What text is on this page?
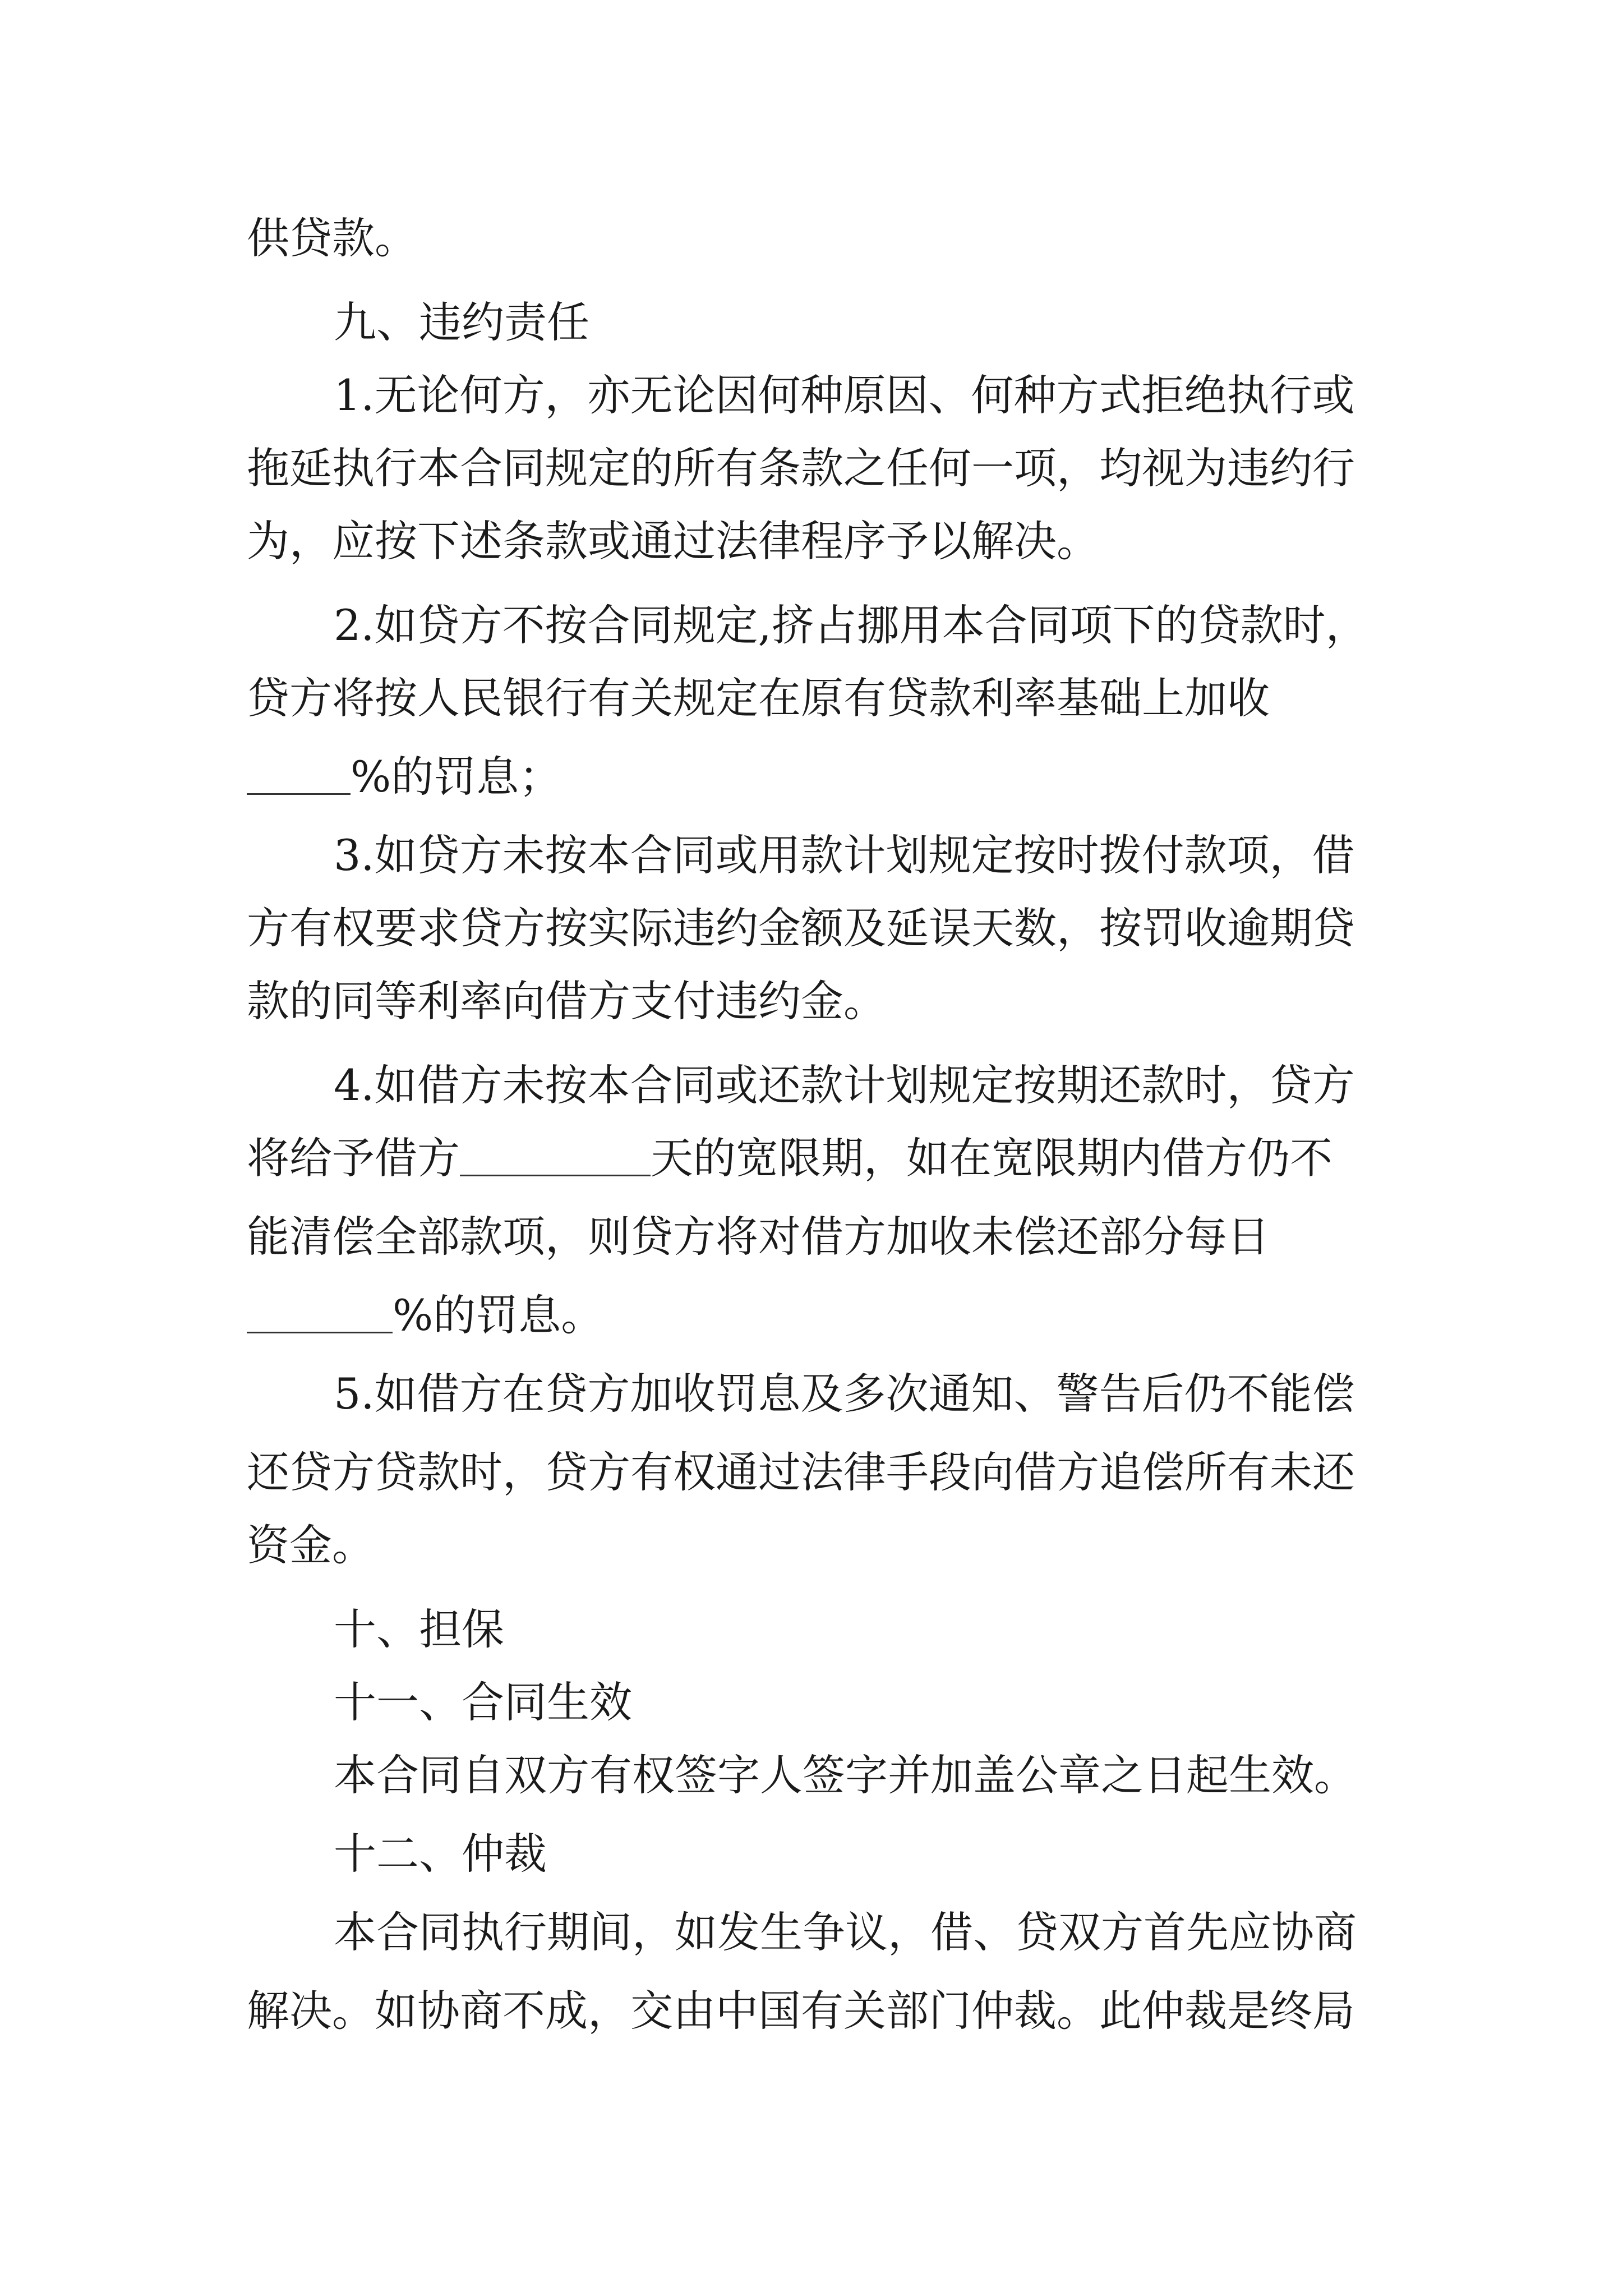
供贷款。
九、违约责任
1.无论何方，亦无论因何种原因、何种方式拒绝执行或
拖延执行本合同规定的所有条款之任何一项，均视为违约行
为，应按下述条款或通过法律程序予以解决。
2.如贷方不按合同规定,挤占挪用本合同项下的贷款时，
贷方将按人民银行有关规定在原有贷款利率基础上加收
%的罚息；
3.如贷方未按本合同或用款计划规定按时拨付款项，借
方有权要求贷方按实际违约金额及延误天数，按罚收逾期贷
款的同等利率向借方支付违约金。
4.如借方未按本合同或还款计划规定按期还款时，贷方
将给予借方	天的宽限期，如在宽限期内借方仍不
能清偿全部款项，则贷方将对借方加收未偿还部分每日
%的罚息。
5.如借方在贷方加收罚息及多次通知、警告后仍不能偿
还贷方贷款时，贷方有权通过法律手段向借方追偿所有未还
资金。
十、担保
十一、合同生效
本合同自双方有权签字人签字并加盖公章之日起生效。
十二、仲裁
本合同执行期间，如发生争议，借、贷双方首先应协商
解决。如协商不成，交由中国有关部门仲裁。此仲裁是终局
